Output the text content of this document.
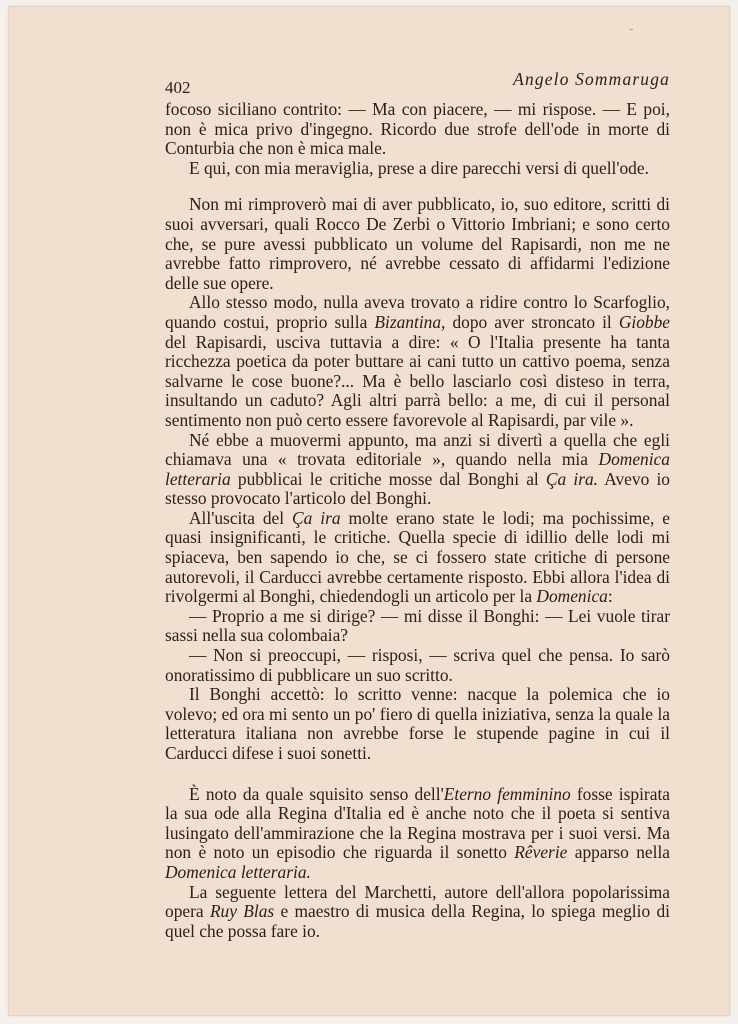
˜
402	Angelo Sommaruga

focoso siciliano contrito: — Ma con piacere, — mi rispose. — E poi, non è mica privo d'ingegno. Ricordo due strofe dell'ode in morte di Conturbia che non è mica male.

E qui, con mia meraviglia, prese a dire parecchi versi di quell'ode.

Non mi rimproverò mai di aver pubblicato, io, suo editore, scritti di suoi avversari, quali Rocco De Zerbi o Vittorio Imbriani; e sono certo che, se pure avessi pubblicato un volume del Rapisardi, non me ne avrebbe fatto rimprovero, né avrebbe cessato di affidarmi l'edizione delle sue opere.

Allo stesso modo, nulla aveva trovato a ridire contro lo Scarfoglio, quando costui, proprio sulla Bizantina, dopo aver stroncato il Giobbe del Rapisardi, usciva tuttavia a dire: « O l'Italia presente ha tanta ricchezza poetica da poter buttare ai cani tutto un cattivo poema, senza salvarne le cose buone?... Ma è bello lasciarlo così disteso in terra, insultando un caduto? Agli altri parrà bello: a me, di cui il personal sentimento non può certo essere favorevole al Rapisardi, par vile ».

Né ebbe a muovermi appunto, ma anzi si divertì a quella che egli chiamava una « trovata editoriale », quando nella mia Domenica letteraria pubblicai le critiche mosse dal Bonghi al Ça ira. Avevo io stesso provocato l'articolo del Bonghi.

All'uscita del Ça ira molte erano state le lodi; ma pochissime, e quasi insignificanti, le critiche. Quella specie di idillio delle lodi mi spiaceva, ben sapendo io che, se ci fossero state critiche di persone autorevoli, il Carducci avrebbe certamente risposto. Ebbi allora l'idea di rivolgermi al Bonghi, chiedendogli un articolo per la Domenica:

— Proprio a me si dirige? — mi disse il Bonghi: — Lei vuole tirar sassi nella sua colombaia?

— Non si preoccupi, — risposi, — scriva quel che pensa. Io sarò onoratissimo di pubblicare un suo scritto.

Il Bonghi accettò: lo scritto venne: nacque la polemica che io volevo; ed ora mi sento un po' fiero di quella iniziativa, senza la quale la letteratura italiana non avrebbe forse le stupende pagine in cui il Carducci difese i suoi sonetti.

È noto da quale squisito senso dell'Eterno femminino fosse ispirata la sua ode alla Regina d'Italia ed è anche noto che il poeta si sentiva lusingato dell'ammirazione che la Regina mostrava per i suoi versi. Ma non è noto un episodio che riguarda il sonetto Rêverie apparso nella Domenica letteraria.

La seguente lettera del Marchetti, autore dell'allora popolarissima opera Ruy Blas e maestro di musica della Regina, lo spiega meglio di quel che possa fare io.
